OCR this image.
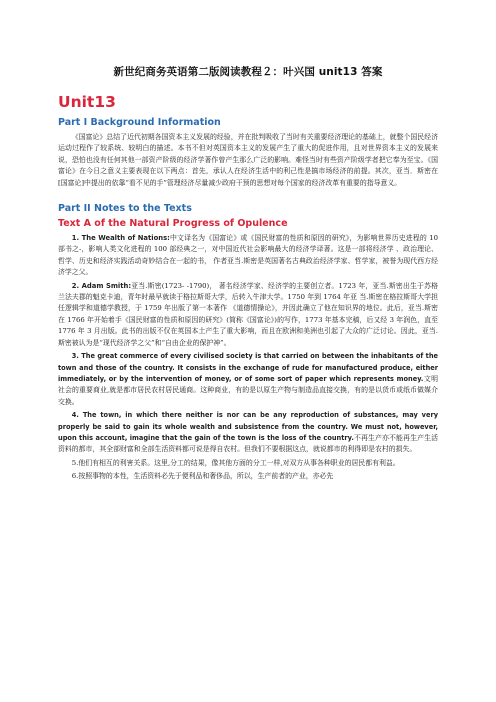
新世纪商务英语第二版阅读教程２：叶兴国 unit13 答案
Unit13
Part I Background Information

《国富论》总结了近代初期各国资本主义发展的经验，并在批判吸收了当时有关重要经济理论的基础上，就整个国民经济运动过程作了较系统、较明白的描述。本书不但对英国资本主义的发展产生了重大的促进作用，且对世界资本主义的发展来说，恐怕也没有任何其他一部资产阶级的经济学著作曾产生那么广泛的影响。难怪当时有些资产阶级学者把它奉为至宝。《国富论》在今日之意义主要表现在以下两点：首先，承认人在经济生活中的利己性是搞市场经济的前提。其次，亚当．斯密在[国富论]中提出的依靠“看不见的手”管理经济尽量减少政府干预的思想对每个国家的经济改革有重要的指导意义。

Part II Notes to the Texts
Text A of the Natural Progress of Opulence

1. The Wealth of Nations:中文译名为《国富论》或《国民财富的性质和原因的研究》，为影响世界历史进程的 10 部书之-，影响人类文化进程的 100 部经典之一，对中国近代社会影响最大的经济学译著。这是一部将经济学 、政治理论、哲学、历史和经济实践活动奇妙结合在一起的书， 作者亚当.斯密是英国著名古典政治经济学家、哲学家，被誉为现代西方经济学之父。

2. Adam Smith:亚当.斯密(1723- -1790)， 著名经济学家、经济学的主要创立者。1723 年，亚当.斯密出生于苏格兰法夫郡的魁克卡迪，青年时最早就读于格拉斯哥大学，后转入牛津大学。1750 年到 1764 年亚 当.斯密在格拉斯哥大学担任逻辑学和道德学教授，于 1759 年出版了第一本著作 《道德情操论》，并因此确立了他在知识界的地位。此后，亚当.斯密在 1766 年开始着手《国民财富的性质和原因的研究》(简称《国富论》)的写作，1773 年基本完稿，后又经 3 年润色，直至 1776 年 3 月出版。此书的出版不仅在英国本土产生了重大影响，而且在欧洲和美洲也引起了大众的广泛讨论。因此，亚当.斯密被认为是“现代经济学之父”和“自由企业的保护神”。

3. The great commerce of every civilised society is that carried on between the inhabitants of the town and those of the country. It consists in the exchange of rude for manufactured produce, either immediately, or by the intervention of money, or of some sort of paper which represents money.文明社会的重要商业,就是都市居民农村居民通商。这种商业，有的是以原生产物与制造品直接交换，有的是以货币或纸币做媒介交换。

4. The town, in which there neither is nor can be any reproduction of substances, may very properly be said to gain its whole wealth and subsistence from the country. We must not, however, upon this account, imagine that the gain of the town is the loss of the country.不再生产亦不能再生产生活资料的都市，其全部财富和全部生活资料都可说是得自农村。但我们不要根据这点，就说都市的利得即是农村的损失。

5.他们有相互的利害关系。这里,分工的结果，像其他方面的分工一样,对双方从事各种职业的居民都有利益。

6.按照事物的本性，生活资料必先于便利品和奢侈品，所以，生产前者的产业，亦必先
